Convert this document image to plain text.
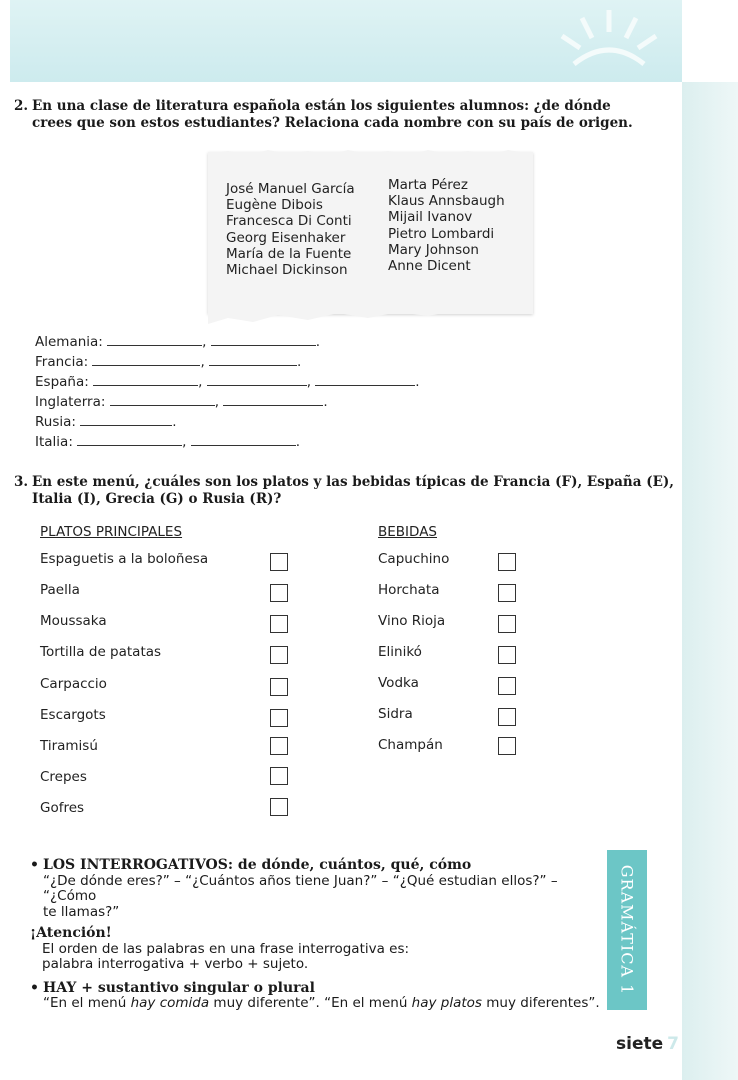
2. En una clase de literatura española están los siguientes alumnos: ¿de dónde
crees que son estos estudiantes? Relaciona cada nombre con su país de origen.
José Manuel García
Eugène Dibois
Francesca Di Conti
Georg Eisenhaker
María de la Fuente
Michael Dickinson
Marta Pérez
Klaus Annsbaugh
Mijail Ivanov
Pietro Lombardi
Mary Johnson
Anne Dicent
Alemania:	,	.
Francia:	,	.
España:	,	,	.
Inglaterra:	,	.
Rusia:	.
Italia:	,	.
3. En este menú, ¿cuáles son los platos y las bebidas típicas de Francia (F), España (E),
Italia (I), Grecia (G) o Rusia (R)?
PLATOS PRINCIPALES	BEBIDAS
Espaguetis a la boloñesa
Paella
Moussaka
Tortilla de patatas
Carpaccio
Escargots
Tiramisú
Crepes
Gofres
Capuchino
Horchata
Vino Rioja
Elinikó
Vodka
Sidra
Champán
• LOS INTERROGATIVOS: de dónde, cuántos, qué, cómo
“¿De dónde eres?” – “¿Cuántos años tiene Juan?” – “¿Qué estudian ellos?” – “¿Cómo
te llamas?”
¡Atención!
El orden de las palabras en una frase interrogativa es:
palabra interrogativa + verbo + sujeto.
• HAY + sustantivo singular o plural
“En el menú hay comida muy diferente”. “En el menú hay platos muy diferentes”.
GRAMÁTICA 1
siete 7
